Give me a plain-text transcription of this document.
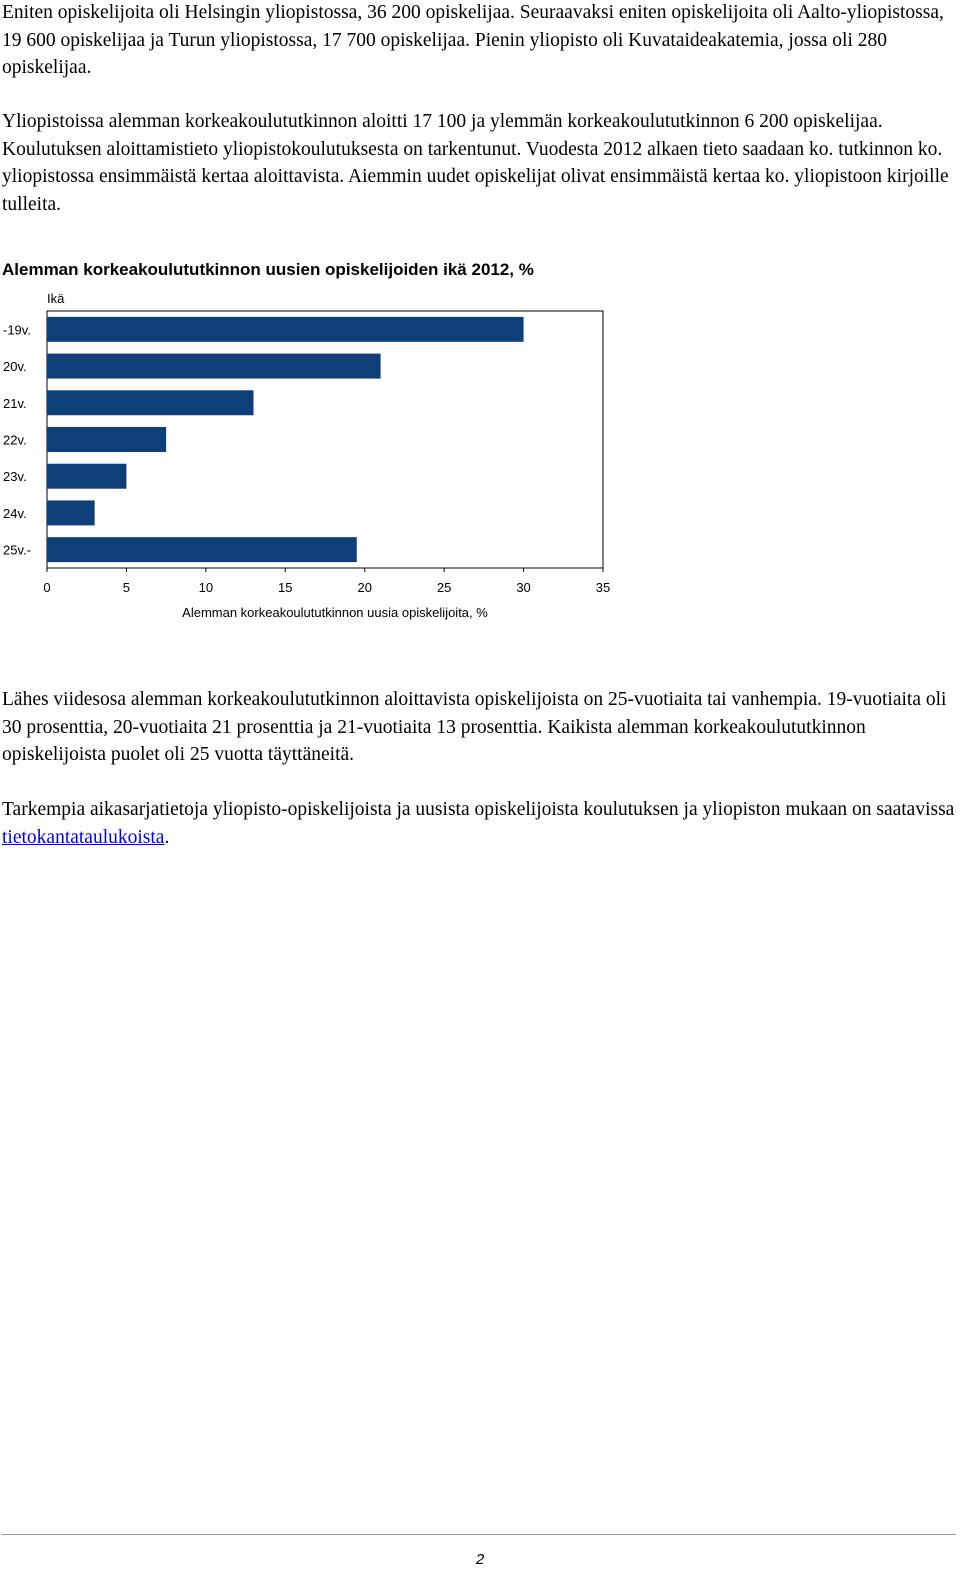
Eniten opiskelijoita oli Helsingin yliopistossa, 36 200 opiskelijaa. Seuraavaksi eniten opiskelijoita oli Aalto-yliopistossa, 19 600 opiskelijaa ja Turun yliopistossa, 17 700 opiskelijaa. Pienin yliopisto oli Kuvataideakatemia, jossa oli 280 opiskelijaa.

Yliopistoissa alemman korkeakoulututkinnon aloitti 17 100 ja ylemmän korkeakoulututkinnon 6 200 opiskelijaa. Koulutuksen aloittamistieto yliopistokoulutuksesta on tarkentunut. Vuodesta 2012 alkaen tieto saadaan ko. tutkinnon ko. yliopistossa ensimmäistä kertaa aloittavista. Aiemmin uudet opiskelijat olivat ensimmäistä kertaa ko. yliopistoon kirjoille tulleita.

Alemman korkeakoulututkinnon uusien opiskelijoiden ikä 2012, %
Ikä
-19v.
20v.
21v.
22v.
23v.
24v.
25v.-
0	5	10	15	20	25	30	35
Alemman korkeakoulututkinnon uusia opiskelijoita, %

Tarkempia aikasarjatietoja yliopisto-opiskelijoista ja uusista opiskelijoista koulutuksen ja yliopiston mukaan on saatavissa tietokantataulukoista.

Lähes viidesosa alemman korkeakoulututkinnon aloittavista opiskelijoista on 25-vuotiaita tai vanhempia. 19-vuotiaita oli 30 prosenttia, 20-vuotiaita 21 prosenttia ja 21-vuotiaita 13 prosenttia. Kaikista alemman korkeakoulututkinnon opiskelijoista puolet oli 25 vuotta täyttäneitä.

2
